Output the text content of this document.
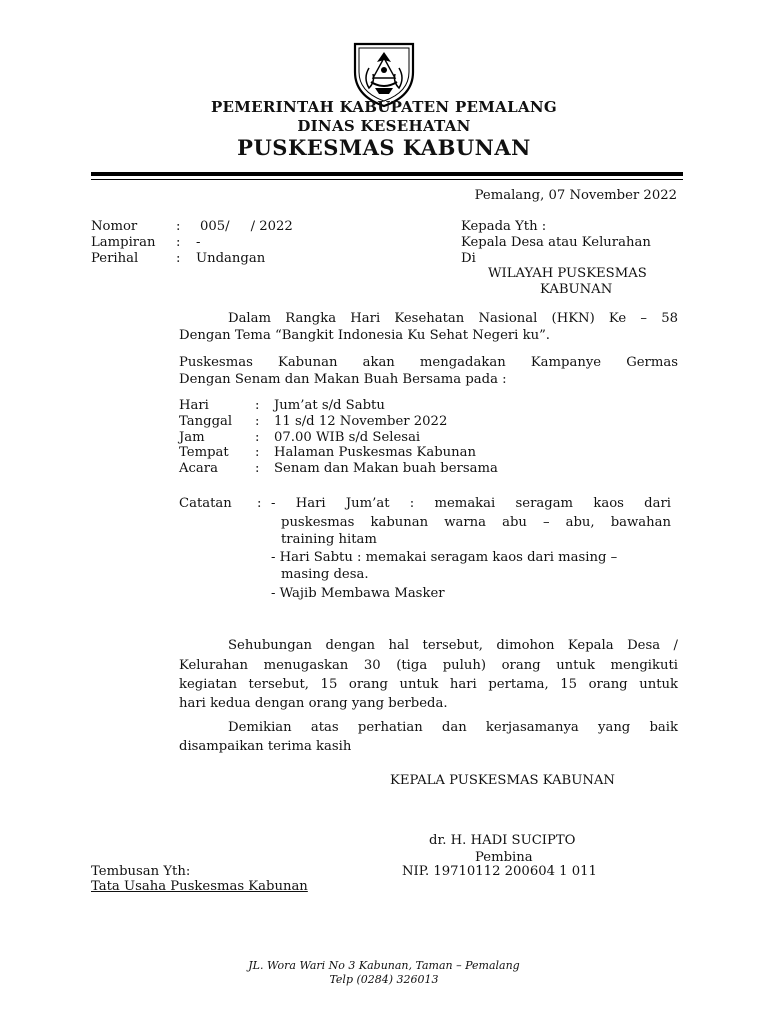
PEMERINTAH KABUPATEN PEMALANG
DINAS KESEHATAN
PUSKESMAS KABUNAN
Pemalang, 07 November 2022
Nomor	: 005/     / 2022
Lampiran : -
Perihal	: Undangan
Kepada Yth :
Kepala Desa atau Kelurahan
Di
WILAYAH PUSKESMAS
KABUNAN
Dalam Rangka Hari Kesehatan Nasional (HKN) Ke – 58
Dengan Tema “Bangkit Indonesia Ku Sehat Negeri ku”.
Puskesmas Kabunan akan mengadakan Kampanye Germas
Dengan Senam dan Makan Buah Bersama pada :
Hari	: Jum’at s/d Sabtu
Tanggal : 11 s/d 12 November 2022
Jam	: 07.00 WIB s/d Selesai
Tempat : Halaman Puskesmas Kabunan
Acara	: Senam dan Makan buah bersama
Catatan : - Hari Jum’at : memakai seragam kaos dari
puskesmas kabunan warna abu – abu, bawahan
training hitam
- Hari Sabtu : memakai seragam kaos dari masing –
masing desa.
- Wajib Membawa Masker
Sehubungan dengan hal tersebut, dimohon Kepala Desa /
Kelurahan menugaskan 30 (tiga puluh) orang untuk mengikuti
kegiatan tersebut, 15 orang untuk hari pertama, 15 orang untuk
hari kedua dengan orang yang berbeda.
Demikian atas perhatian dan kerjasamanya yang baik
disampaikan terima kasih
KEPALA PUSKESMAS KABUNAN
dr. H. HADI SUCIPTO
Pembina
NIP. 19710112 200604 1 011
Tembusan Yth:
Tata Usaha Puskesmas Kabunan
JL. Wora Wari No 3 Kabunan, Taman – Pemalang
Telp (0284) 326013
